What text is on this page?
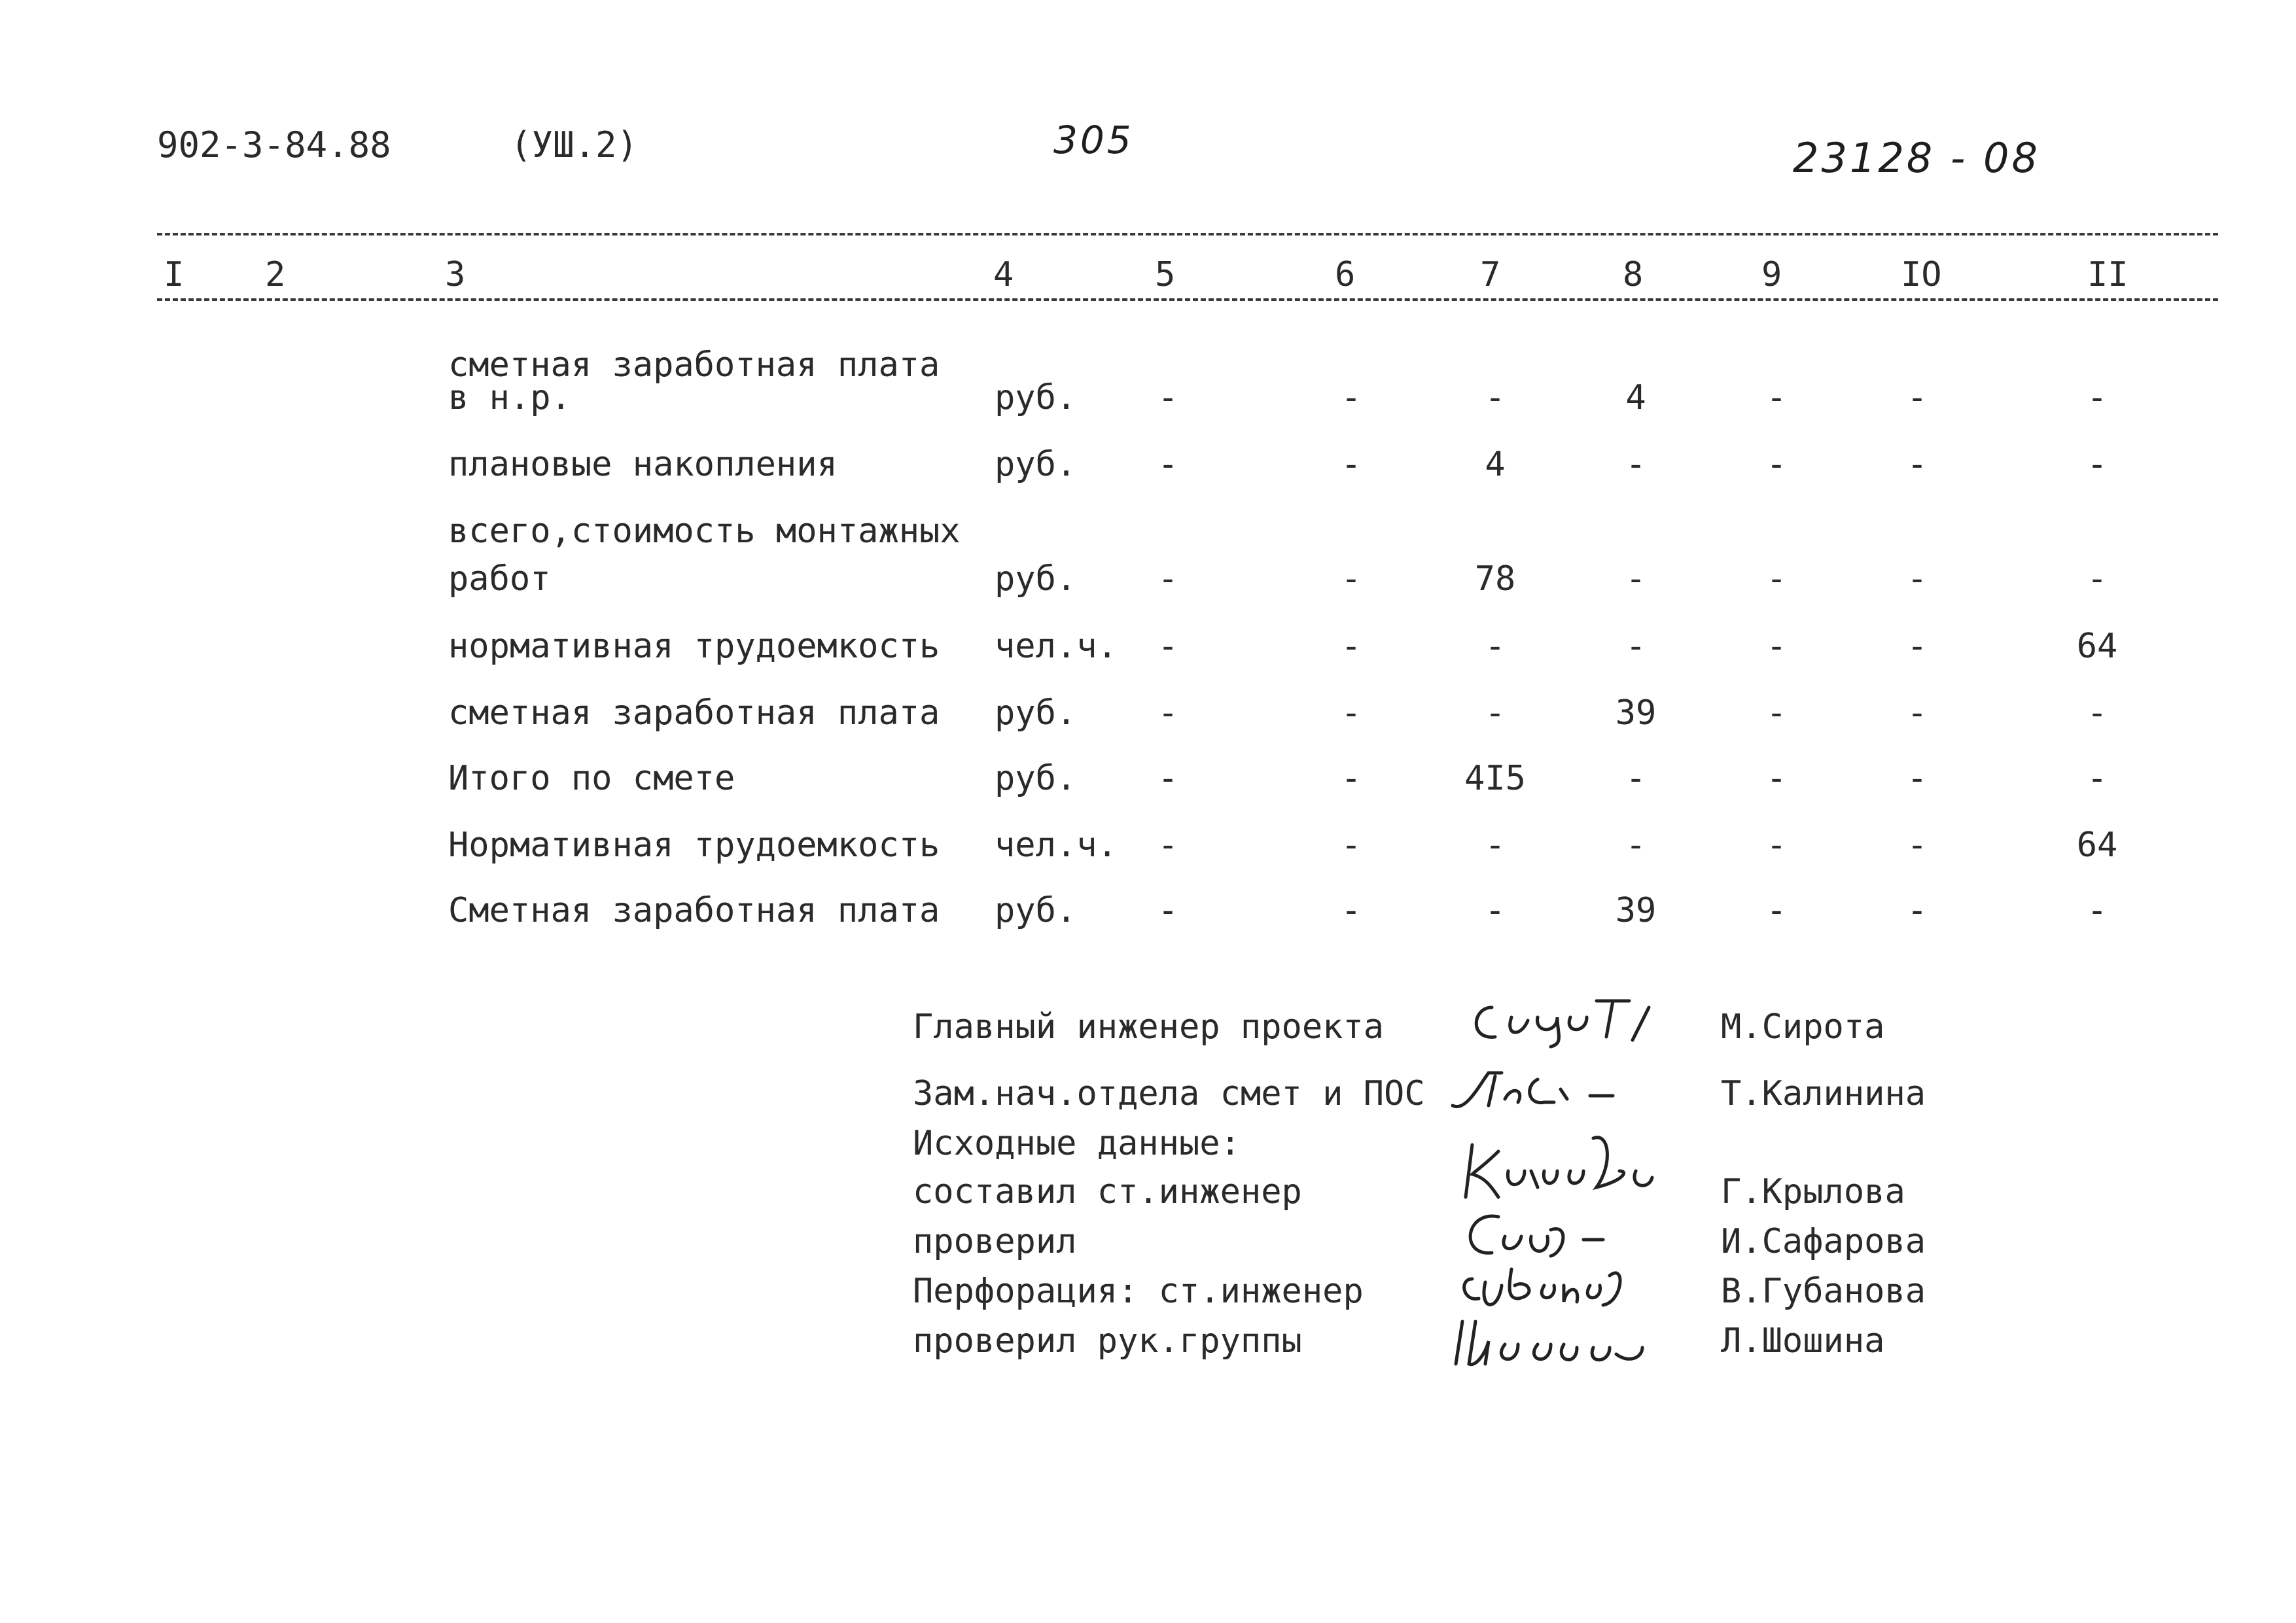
902-3-84.88	(УШ.2)	305	23128 - 08
I 2	3	4	5	6	7	8	9	IO	II
сметная заработная плата
в н.р.	руб.	-	-	-	4	-	-	-
плановые накопления	руб.	-	-	4	-	-	-	-
всего,стоимость монтажных
работ	руб.	-	-	78	-	-	-	-
нормативная трудоемкость чел.ч.	-	-	-	-	-	-	64
сметная заработная плата руб.	-	-	-	39	-	-	-
Итого по смете	руб.	-	-	4I5	-	-	-	-
Нормативная трудоемкость чел.ч.	-	-	-	-	-	-	64
Сметная заработная плата руб.	-	-	-	39	-	-	-
Главный инженер проекта	М.Сирота
Зам.нач.отдела смет и ПОС	Т.Калинина
Исходные данные:
составил ст.инженер	Г.Крылова
проверил	И.Сафарова
Перфорация: ст.инженер	В.Губанова
проверил рук.группы	Л.Шошина
